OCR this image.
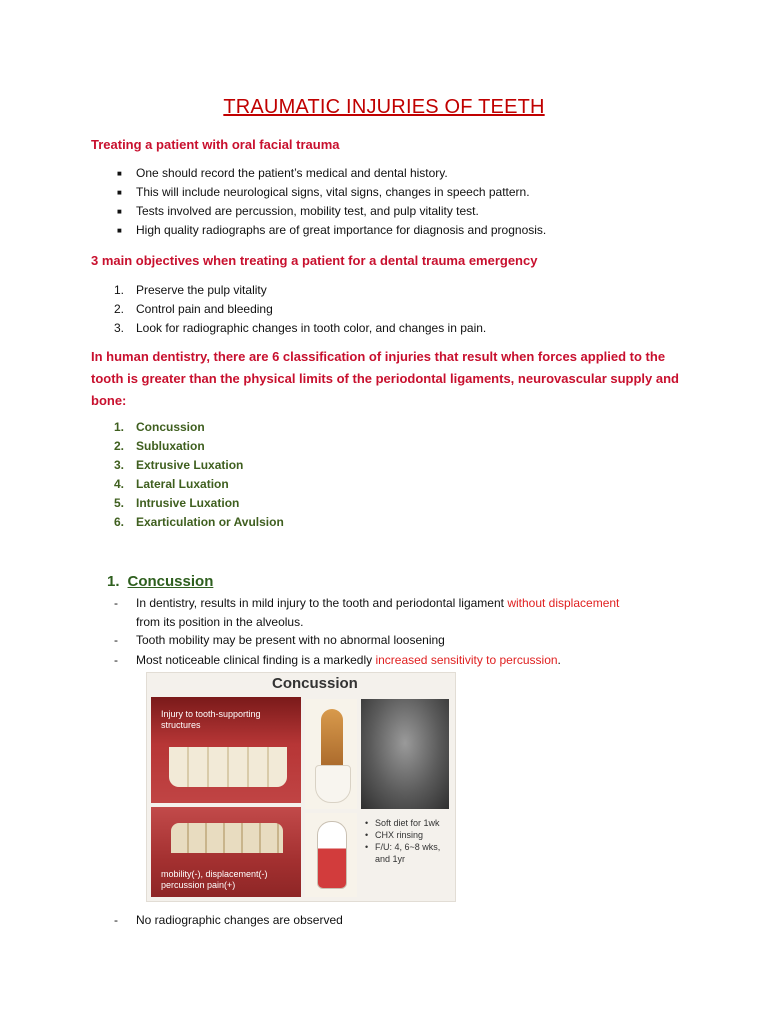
TRAUMATIC INJURIES OF TEETH
Treating a patient with oral facial trauma
■ One should record the patient’s medical and dental history.
■ This will include neurological signs, vital signs, changes in speech pattern.
■ Tests involved are percussion, mobility test, and pulp vitality test.
■ High quality radiographs are of great importance for diagnosis and prognosis.
3 main objectives when treating a patient for a dental trauma emergency
1. Preserve the pulp vitality
2. Control pain and bleeding
3. Look for radiographic changes in tooth color, and changes in pain.
In human dentistry, there are 6 classification of injuries that result when forces applied to the tooth is greater than the physical limits of the periodontal ligaments, neurovascular supply and bone:
1. Concussion
2. Subluxation
3. Extrusive Luxation
4. Lateral Luxation
5. Intrusive Luxation
6. Exarticulation or Avulsion
1. Concussion
- In dentistry, results in mild injury to the tooth and periodontal ligament without displacement
from its position in the alveolus.
- Tooth mobility may be present with no abnormal loosening
- Most noticeable clinical finding is a markedly increased sensitivity to percussion.
Concussion
Injury to tooth-supporting structures
mobility(-), displacement(-) percussion pain(+)
• Soft diet for 1wk
• CHX rinsing
• F/U: 4, 6~8 wks, and 1yr
- No radiographic changes are observed
